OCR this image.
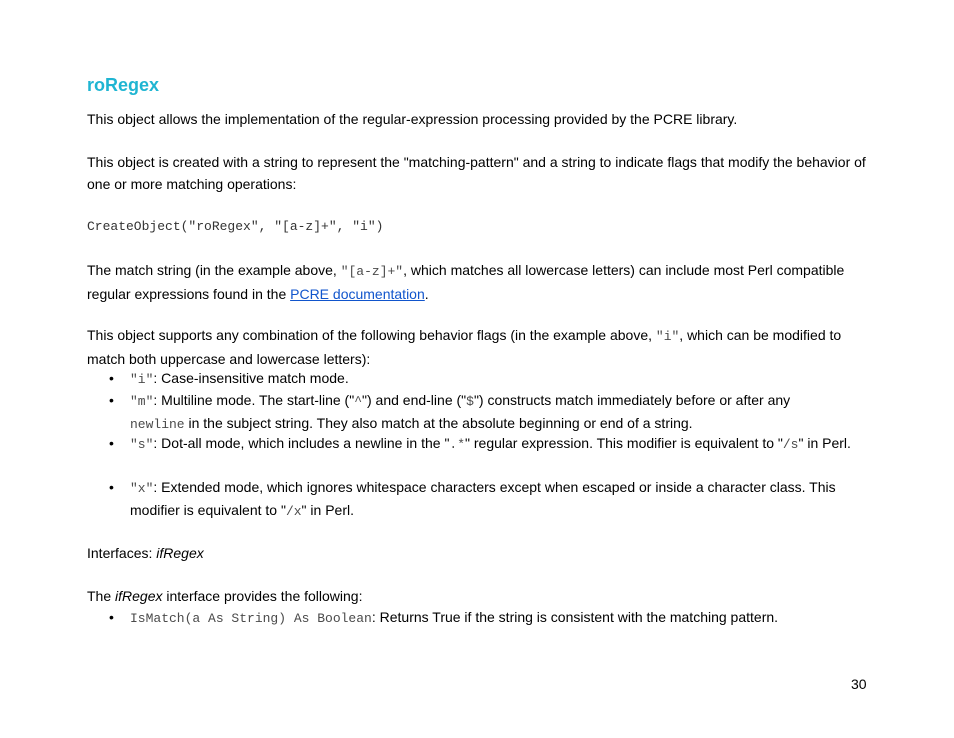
roRegex

This object allows the implementation of the regular-expression processing provided by the PCRE library.

This object is created with a string to represent the "matching-pattern" and a string to indicate flags that modify the behavior of one or more matching operations:

CreateObject("roRegex", "[a-z]+", "i")

The match string (in the example above, "[a-z]+", which matches all lowercase letters) can include most Perl compatible regular expressions found in the PCRE documentation.

This object supports any combination of the following behavior flags (in the example above, "i", which can be modified to match both uppercase and lowercase letters):

• "i": Case-insensitive match mode.
• "m": Multiline mode. The start-line ("^") and end-line ("$") constructs match immediately before or after any newline in the subject string. They also match at the absolute beginning or end of a string.
• "s": Dot-all mode, which includes a newline in the ".*" regular expression. This modifier is equivalent to "/s" in Perl.
• "x": Extended mode, which ignores whitespace characters except when escaped or inside a character class. This modifier is equivalent to "/x" in Perl.

Interfaces: ifRegex

The ifRegex interface provides the following:

• IsMatch(a As String) As Boolean: Returns True if the string is consistent with the matching pattern.
30
